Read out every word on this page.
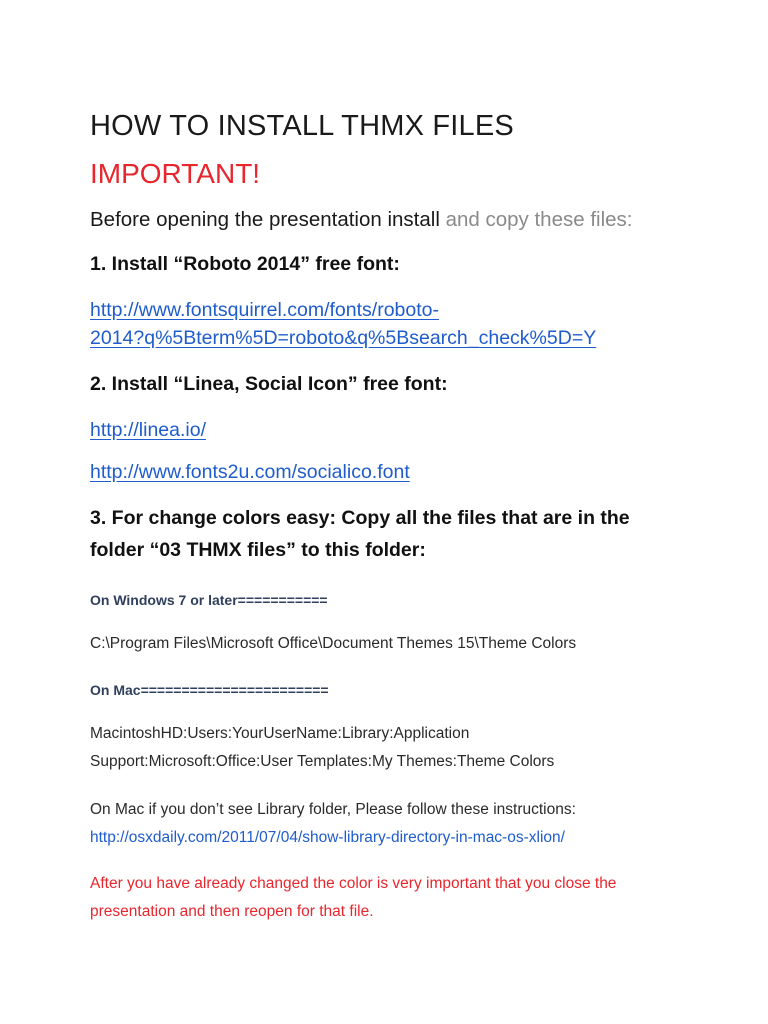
HOW TO INSTALL THMX FILES

IMPORTANT!

Before opening the presentation install and copy these files:

1. Install “Roboto 2014” free font:

http://www.fontsquirrel.com/fonts/roboto-
2014?q%5Bterm%5D=roboto&q%5Bsearch_check%5D=Y

2. Install “Linea, Social Icon” free font:

http://linea.io/
http://www.fonts2u.com/socialico.font

3. For change colors easy: Copy all the files that are in the
folder “03 THMX files” to this folder:

On Windows 7 or later===========

C:\Program Files\Microsoft Office\Document Themes 15\Theme Colors

On Mac=======================

MacintoshHD:Users:YourUserName:Library:Application
Support:Microsoft:Office:User Templates:My Themes:Theme Colors

On Mac if you don’t see Library folder, Please follow these instructions:
http://osxdaily.com/2011/07/04/show-library-directory-in-mac-os-xlion/

After you have already changed the color is very important that you close the
presentation and then reopen for that file.
